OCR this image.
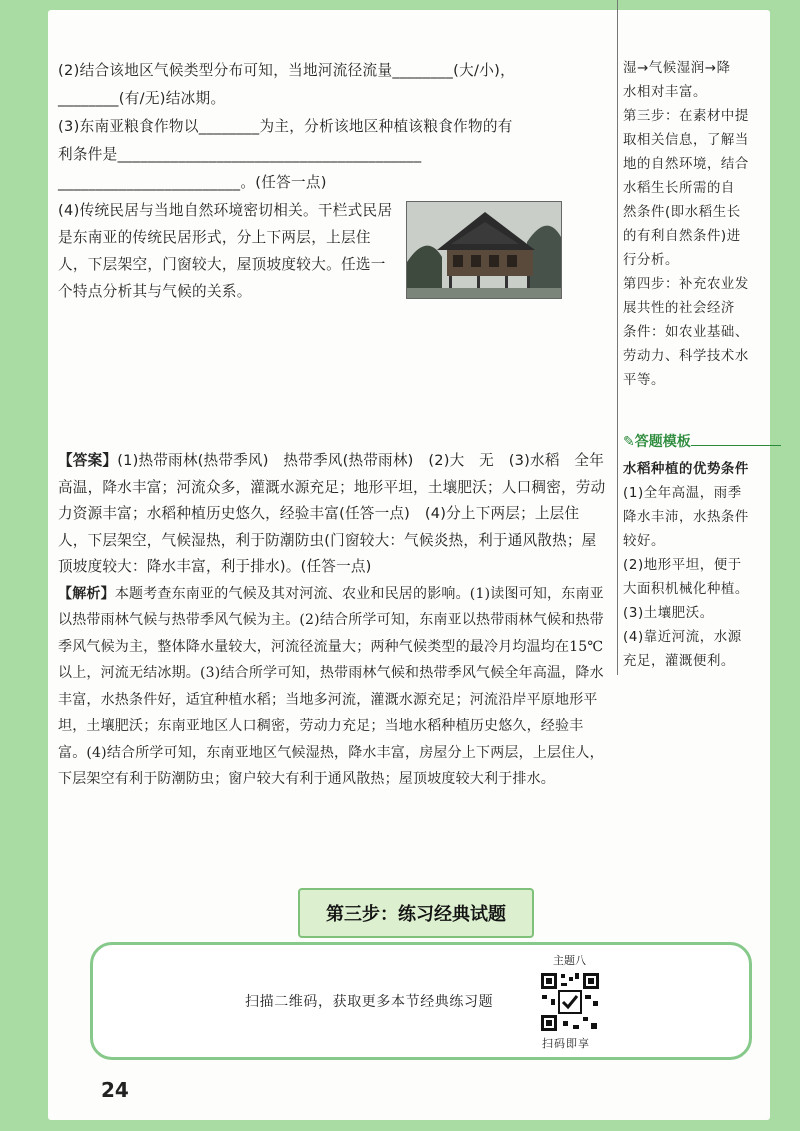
(2)结合该地区气候类型分布可知，当地河流径流量________(大/小)，

________(有/无)结冰期。

(3)东南亚粮食作物以________为主，分析该地区种植该粮食作物的有

利条件是________________________________________

________________________。(任答一点)

(4)传统民居与当地自然环境密切相关。干栏式民居是东南亚的传统民居形式，分上下两层，上层住人，下层架空，门窗较大，屋顶坡度较大。任选一个特点分析其与气候的关系。

湿→气候湿润→降

水相对丰富。

第三步：在素材中提

取相关信息，了解当

地的自然环境，结合

水稻生长所需的自

然条件(即水稻生长

的有利自然条件)进

行分析。

第四步：补充农业发

展共性的社会经济

条件：如农业基础、

劳动力、科学技术水

平等。

✎答题模板

水稻种植的优势条件

(1)全年高温，雨季

降水丰沛，水热条件

较好。

(2)地形平坦，便于

大面积机械化种植。

(3)土壤肥沃。

(4)靠近河流，水源

充足，灌溉便利。

【答案】(1)热带雨林(热带季风)　热带季风(热带雨林)　(2)大　无　(3)水稻　全年高温，降水丰富；河流众多，灌溉水源充足；地形平坦，土壤肥沃；人口稠密，劳动力资源丰富；水稻种植历史悠久，经验丰富(任答一点)　(4)分上下两层；上层住人，下层架空，气候湿热，利于防潮防虫(门窗较大：气候炎热，利于通风散热；屋顶坡度较大：降水丰富，利于排水)。(任答一点)

【解析】本题考查东南亚的气候及其对河流、农业和民居的影响。(1)读图可知，东南亚以热带雨林气候与热带季风气候为主。(2)结合所学可知，东南亚以热带雨林气候和热带季风气候为主，整体降水量较大，河流径流量大；两种气候类型的最冷月均温均在15℃以上，河流无结冰期。(3)结合所学可知，热带雨林气候和热带季风气候全年高温，降水丰富，水热条件好，适宜种植水稻；当地多河流，灌溉水源充足；河流沿岸平原地形平坦，土壤肥沃；东南亚地区人口稠密，劳动力充足；当地水稻种植历史悠久，经验丰富。(4)结合所学可知，东南亚地区气候湿热，降水丰富，房屋分上下两层，上层住人，下层架空有利于防潮防虫；窗户较大有利于通风散热；屋顶坡度较大利于排水。

第三步：练习经典试题
扫描二维码，获取更多本节经典练习题
主题八
扫码即享
24
